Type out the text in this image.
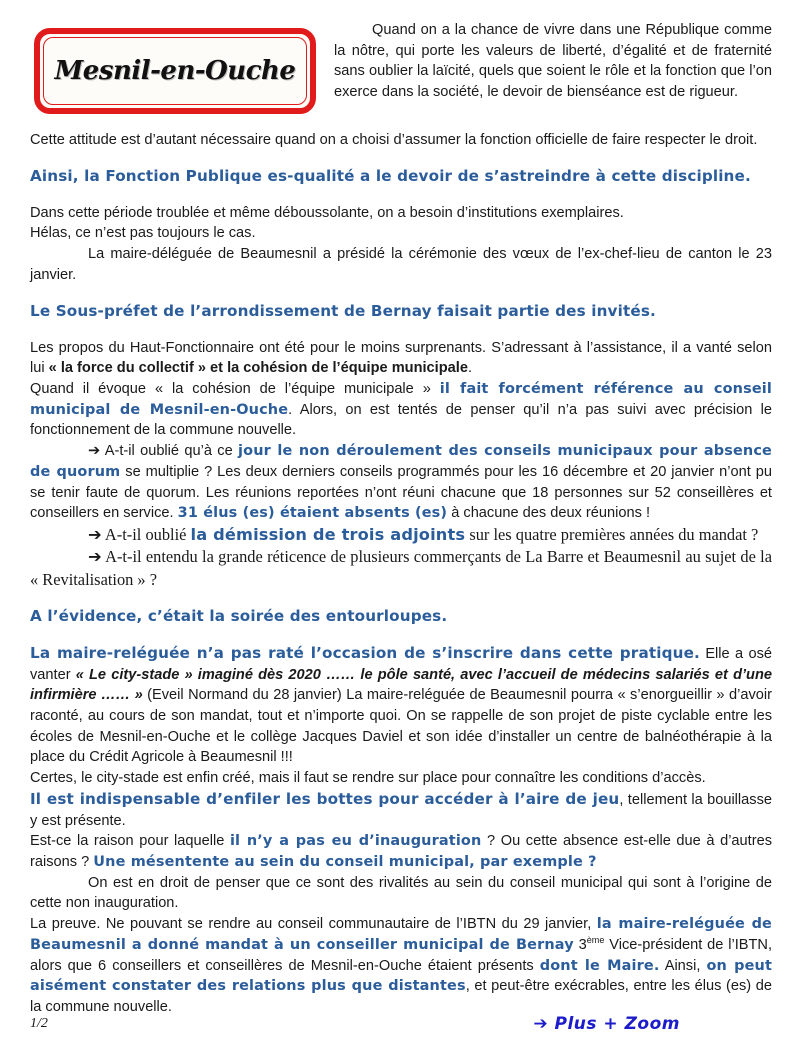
Mesnil-en-Ouche

Quand on a la chance de vivre dans une République comme la nôtre, qui porte les valeurs de liberté, d’égalité et de fraternité sans oublier la laïcité, quels que soient le rôle et la fonction que l’on exerce dans la société, le devoir de bienséance est de rigueur.

Cette attitude est d’autant nécessaire quand on a choisi d’assumer la fonction officielle de faire respecter le droit.

Ainsi, la Fonction Publique es-qualité a le devoir de s’astreindre à cette discipline.

Dans cette période troublée et même déboussolante, on a besoin d’institutions exemplaires.

Hélas, ce n’est pas toujours le cas.

La maire-déléguée de Beaumesnil a présidé la cérémonie des vœux de l’ex-chef-lieu de canton le 23 janvier.

Le Sous-préfet de l’arrondissement de Bernay faisait partie des invités.

Les propos du Haut-Fonctionnaire ont été pour le moins surprenants. S’adressant à l’assistance, il a vanté selon lui « la force du collectif » et la cohésion de l’équipe municipale.

Quand il évoque « la cohésion de l’équipe municipale » il fait forcément référence au conseil municipal de Mesnil-en-Ouche. Alors, on est tentés de penser qu’il n’a pas suivi avec précision le fonctionnement de la commune nouvelle.

➔ A-t-il oublié qu’à ce jour le non déroulement des conseils municipaux pour absence de quorum se multiplie ? Les deux derniers conseils programmés pour les 16 décembre et 20 janvier n’ont pu se tenir faute de quorum. Les réunions reportées n’ont réuni chacune que 18 personnes sur 52 conseillères et conseillers en service. 31 élus (es) étaient absents (es) à chacune des deux réunions !

➔ A-t-il oublié la démission de trois adjoints sur les quatre premières années du mandat ?

➔ A-t-il entendu la grande réticence de plusieurs commerçants de La Barre et Beaumesnil au sujet de la « Revitalisation » ?

A l’évidence, c’était la soirée des entourloupes.

La maire-reléguée n’a pas raté l’occasion de s’inscrire dans cette pratique. Elle a osé vanter « Le city-stade » imaginé dès 2020 …… le pôle santé, avec l’accueil de médecins salariés et d’une infirmière …… » (Eveil Normand du 28 janvier) La maire-reléguée de Beaumesnil pourra « s’enorgueillir » d’avoir raconté, au cours de son mandat, tout et n’importe quoi. On se rappelle de son projet de piste cyclable entre les écoles de Mesnil-en-Ouche et le collège Jacques Daviel et son idée d’installer un centre de balnéothérapie à la place du Crédit Agricole à Beaumesnil !!!

Certes, le city-stade est enfin créé, mais il faut se rendre sur place pour connaître les conditions d’accès.

Il est indispensable d’enfiler les bottes pour accéder à l’aire de jeu, tellement la bouillasse y est présente.

Est-ce la raison pour laquelle il n’y a pas eu d’inauguration ? Ou cette absence est-elle due à d’autres raisons ? Une mésentente au sein du conseil municipal, par exemple ?

On est en droit de penser que ce sont des rivalités au sein du conseil municipal qui sont à l’origine de cette non inauguration.

La preuve. Ne pouvant se rendre au conseil communautaire de l’IBTN du 29 janvier, la maire-reléguée de Beaumesnil a donné mandat à un conseiller municipal de Bernay 3ème Vice-président de l’IBTN, alors que 6 conseillers et conseillères de Mesnil-en-Ouche étaient présents dont le Maire. Ainsi, on peut aisément constater des relations plus que distantes, et peut-être exécrables, entre les élus (es) de la commune nouvelle.

1/2	➔ Plus + Zoom
